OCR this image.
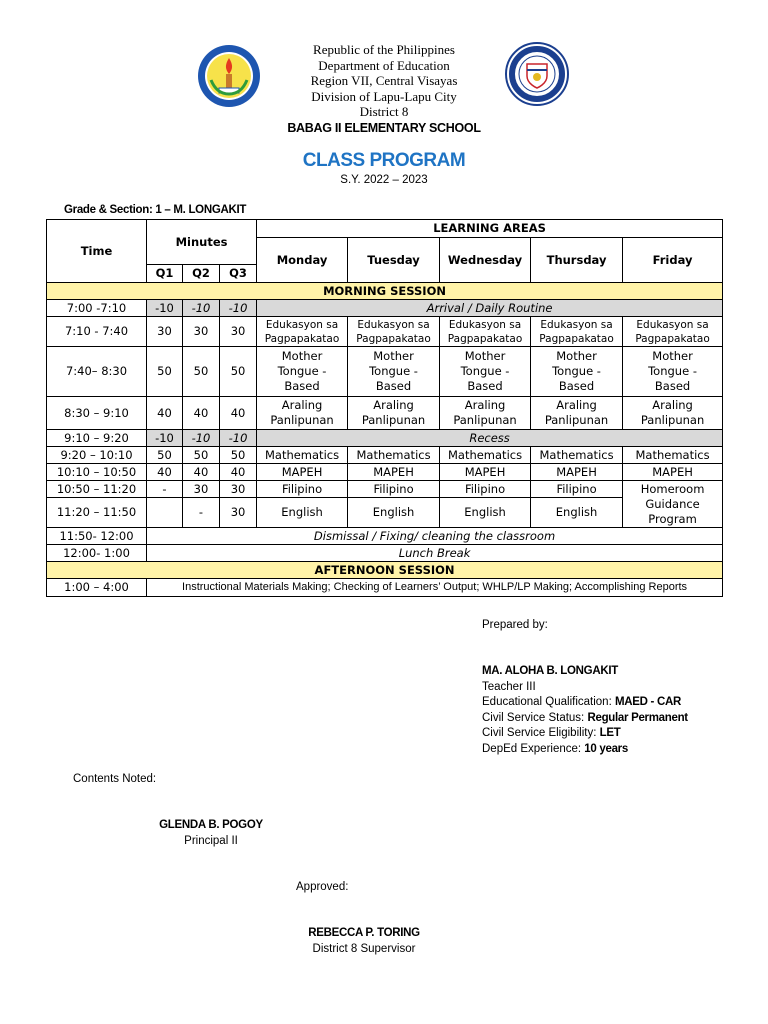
Republic of the Philippines
Department of Education
Region VII, Central Visayas
Division of Lapu-Lapu City
District 8
BABAG II ELEMENTARY SCHOOL
CLASS PROGRAM
S.Y. 2022 – 2023
Grade & Section: 1 – M. LONGAKIT
Time	Minutes			LEARNING AREAS				
				Monday	Tuesday	Wednesday	Thursday	Friday
	Q1	Q2	Q3					
MORNING SESSION								
7:00 -7:10	-10	-10	-10	Arrival / Daily Routine				
7:10 - 7:40	30	30	30	Edukasyon sa Pagpapakatao	Edukasyon sa Pagpapakatao	Edukasyon sa Pagpapakatao	Edukasyon sa Pagpapakatao	Edukasyon sa Pagpapakatao
7:40– 8:30	50	50	50	Mother Tongue - Based	Mother Tongue - Based	Mother Tongue - Based	Mother Tongue - Based	Mother Tongue - Based
8:30 – 9:10	40	40	40	Araling Panlipunan	Araling Panlipunan	Araling Panlipunan	Araling Panlipunan	Araling Panlipunan
9:10 – 9:20	-10	-10	-10	Recess				
9:20 – 10:10	50	50	50	Mathematics	Mathematics	Mathematics	Mathematics	Mathematics
10:10 – 10:50	40	40	40	MAPEH	MAPEH	MAPEH	MAPEH	MAPEH
10:50 – 11:20	-	30	30	Filipino	Filipino	Filipino	Filipino	Homeroom Guidance Program
11:20 – 11:50		-	30	English	English	English	English	
11:50- 12:00	Dismissal / Fixing/ cleaning the classroom							
12:00- 1:00	Lunch Break							
AFTERNOON SESSION								
1:00 – 4:00	Instructional Materials Making; Checking of Learners’ Output; WHLP/LP Making; Accomplishing Reports							
Prepared by:
MA. ALOHA B. LONGAKIT
Teacher III
Educational Qualification: MAED - CAR
Civil Service Status: Regular Permanent
Civil Service Eligibility: LET
DepEd Experience: 10 years
Contents Noted:
GLENDA B. POGOY
Principal II
Approved:
REBECCA P. TORING
District 8 Supervisor
